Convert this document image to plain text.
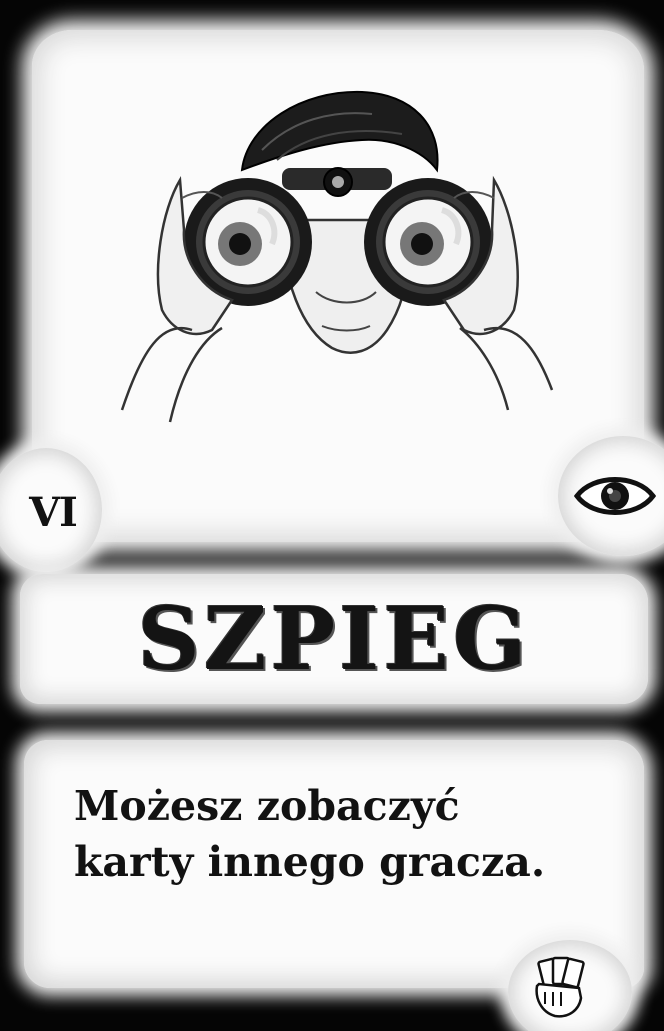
VI
SZPIEG
Możesz zobaczyć
karty innego gracza.
